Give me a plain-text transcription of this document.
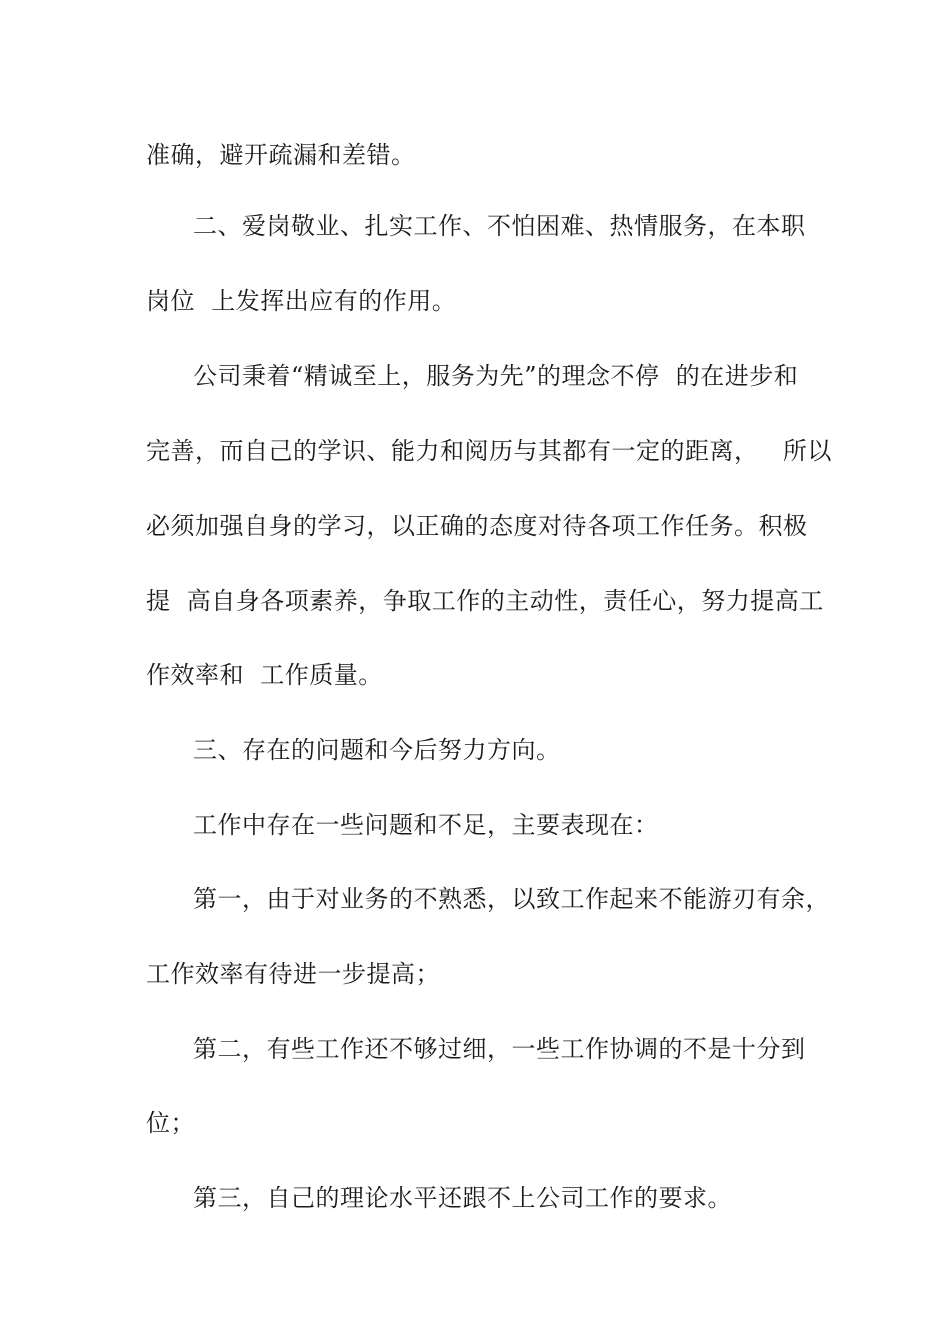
准确，避开疏漏和差错。
二、爱岗敬业、扎实工作、不怕困难、热情服务，在本职
岗位  上发挥出应有的作用。
公司秉着“精诚至上，服务为先”的理念不停  的在进步和
完善，而自己的学识、能力和阅历与其都有一定的距离，   所以
必须加强自身的学习，以正确的态度对待各项工作任务。积极
提  高自身各项素养，争取工作的主动性，责任心，努力提高工
作效率和  工作质量。
三、存在的问题和今后努力方向。
工作中存在一些问题和不足，主要表现在：
第一，由于对业务的不熟悉，以致工作起来不能游刃有余，
工作效率有待进一步提高；
第二，有些工作还不够过细，一些工作协调的不是十分到
位；
第三，自己的理论水平还跟不上公司工作的要求。
